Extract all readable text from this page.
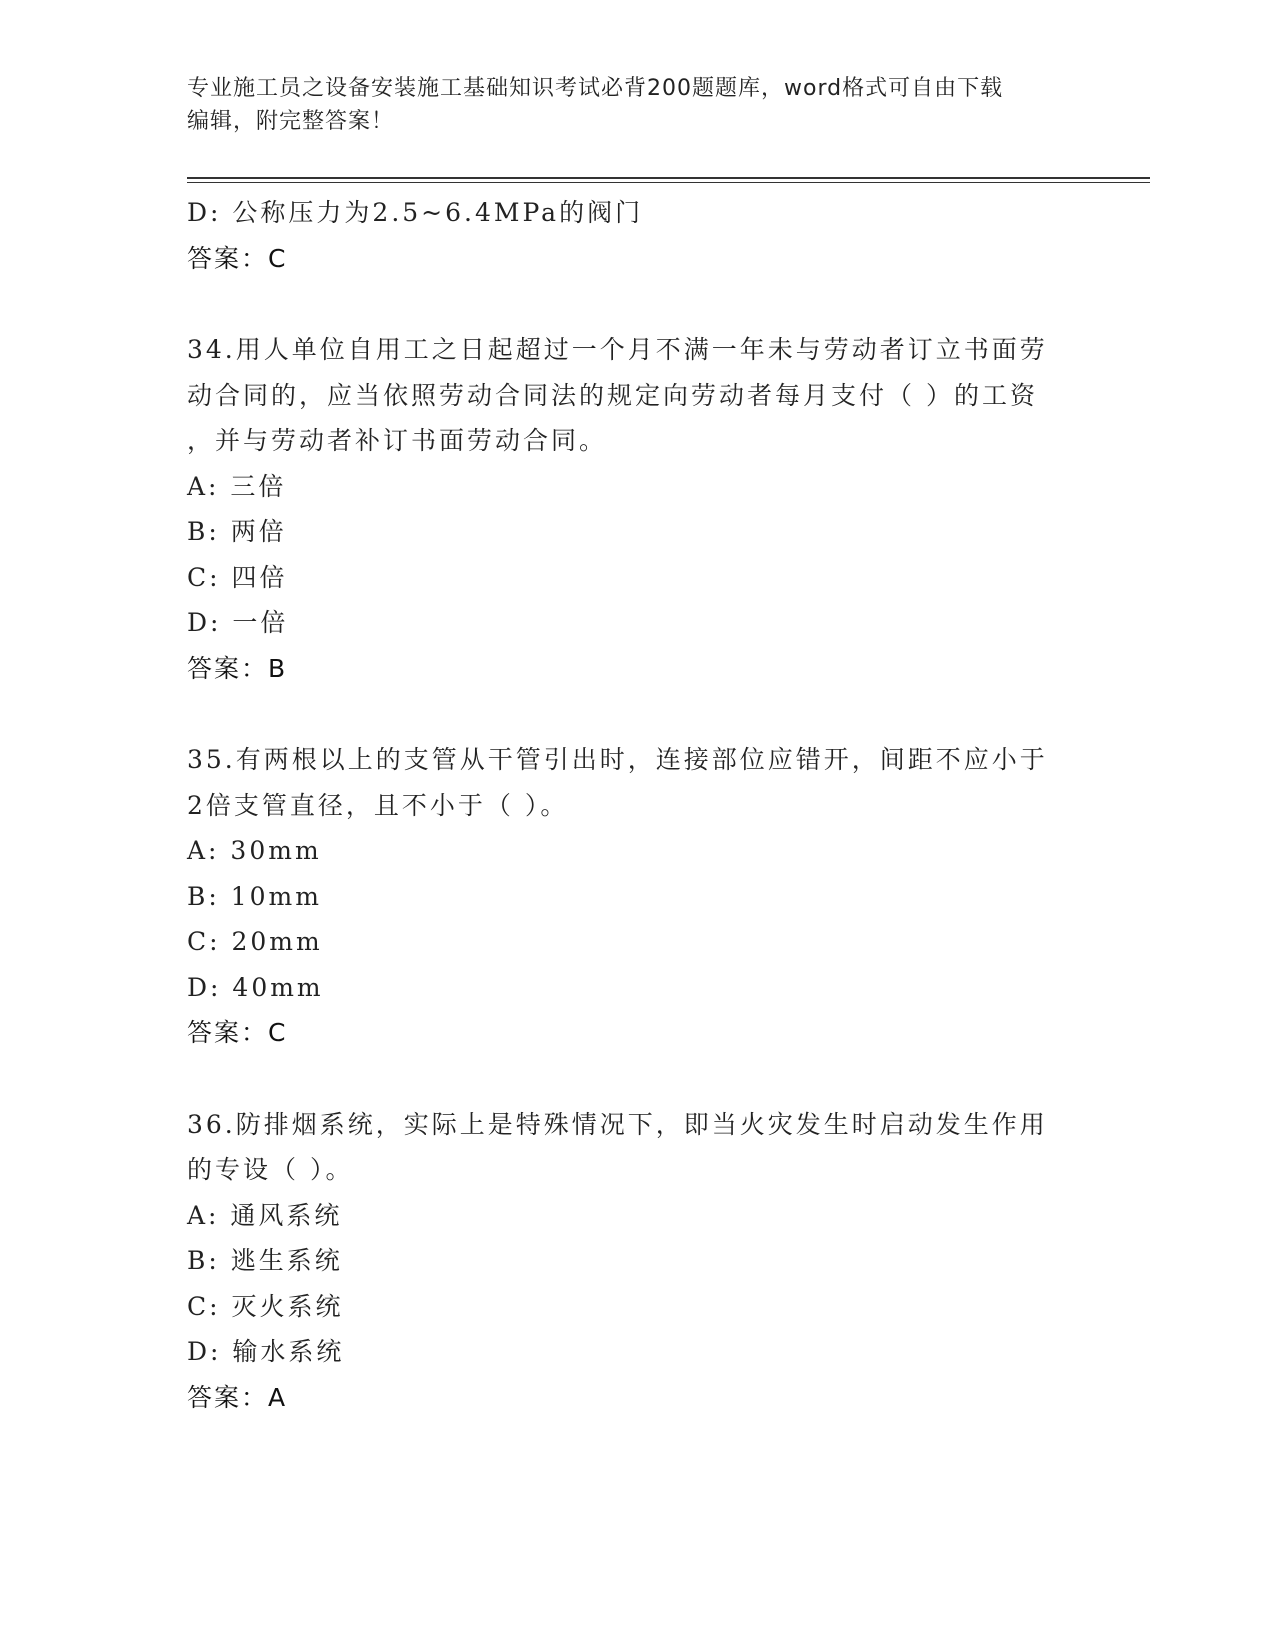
专业施工员之设备安装施工基础知识考试必背200题题库，word格式可自由下载
编辑，附完整答案！
D: 公称压力为2.5~6.4MPa的阀门
答案：C
34.用人单位自用工之日起超过一个月不满一年未与劳动者订立书面劳
动合同的，应当依照劳动合同法的规定向劳动者每月支付（ ）的工资
，并与劳动者补订书面劳动合同。
A: 三倍
B: 两倍
C: 四倍
D: 一倍
答案：B
35.有两根以上的支管从干管引出时，连接部位应错开，间距不应小于
2倍支管直径，且不小于（ ）。
A: 30mm
B: 10mm
C: 20mm
D: 40mm
答案：C
36.防排烟系统，实际上是特殊情况下，即当火灾发生时启动发生作用
的专设（ ）。
A: 通风系统
B: 逃生系统
C: 灭火系统
D: 输水系统
答案：A
